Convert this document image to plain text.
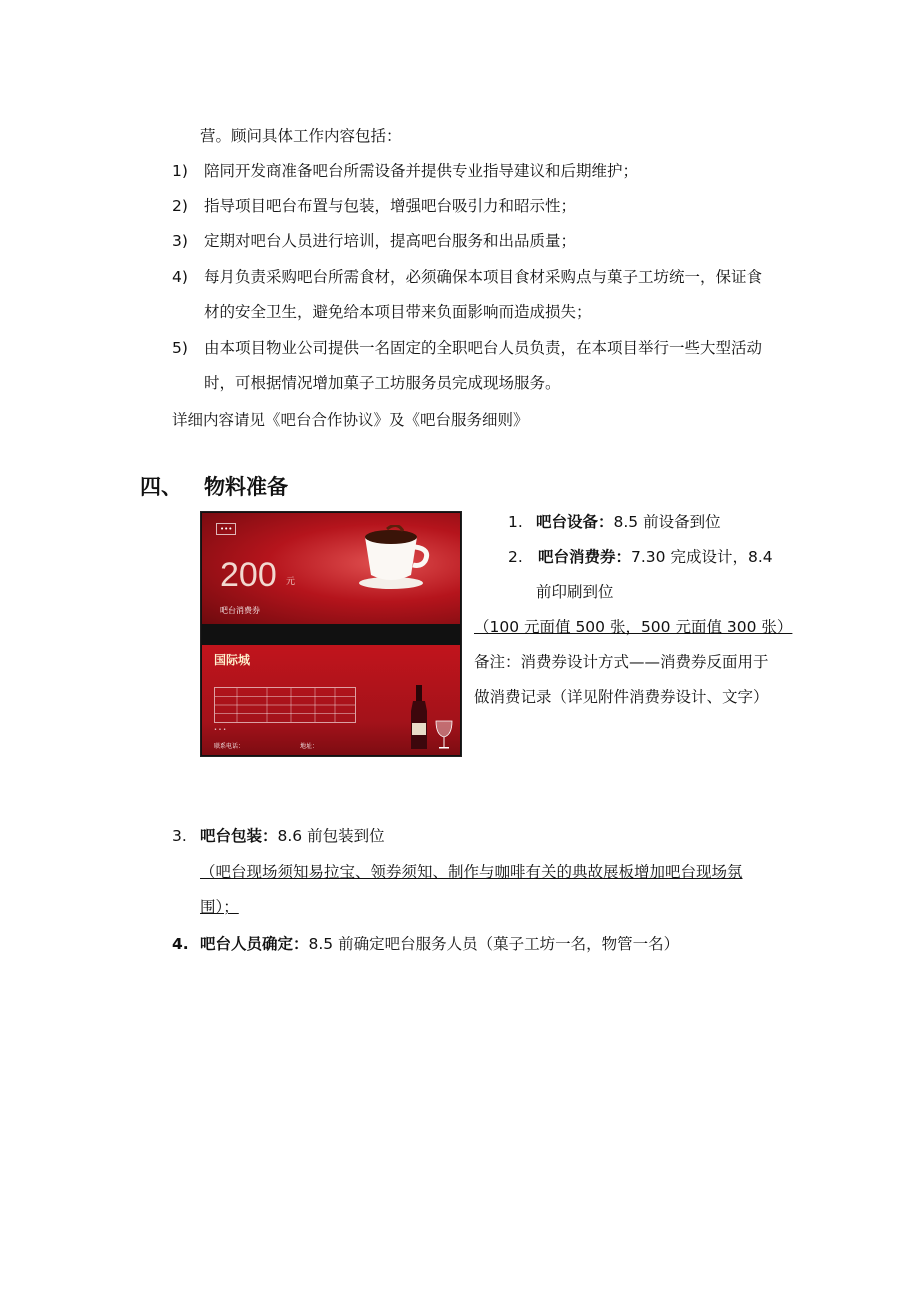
营。顾问具体工作内容包括：
1) 陪同开发商准备吧台所需设备并提供专业指导建议和后期维护；
2) 指导项目吧台布置与包装，增强吧台吸引力和昭示性；
3) 定期对吧台人员进行培训，提高吧台服务和出品质量；
4) 每月负责采购吧台所需食材，必须确保本项目食材采购点与菓子工坊统一，保证食
材的安全卫生，避免给本项目带来负面影响而造成损失；
5) 由本项目物业公司提供一名固定的全职吧台人员负责，在本项目举行一些大型活动
时，可根据情况增加菓子工坊服务员完成现场服务。
详细内容请见《吧台合作协议》及《吧台服务细则》
四、 物料准备
•••
200 元
吧台消费券
国际城
• • •
联系电话：	地址：
1. 吧台设备：8.5 前设备到位
2. 吧台消费券：7.30 完成设计，8.4
前印刷到位
（100 元面值 500 张，500 元面值 300 张）
备注：消费券设计方式——消费券反面用于
做消费记录（详见附件消费券设计、文字）
3. 吧台包装：8.6 前包装到位
（吧台现场须知易拉宝、领券须知、制作与咖啡有关的典故展板增加吧台现场氛
围）；
4. 吧台人员确定：8.5 前确定吧台服务人员（菓子工坊一名，物管一名）
